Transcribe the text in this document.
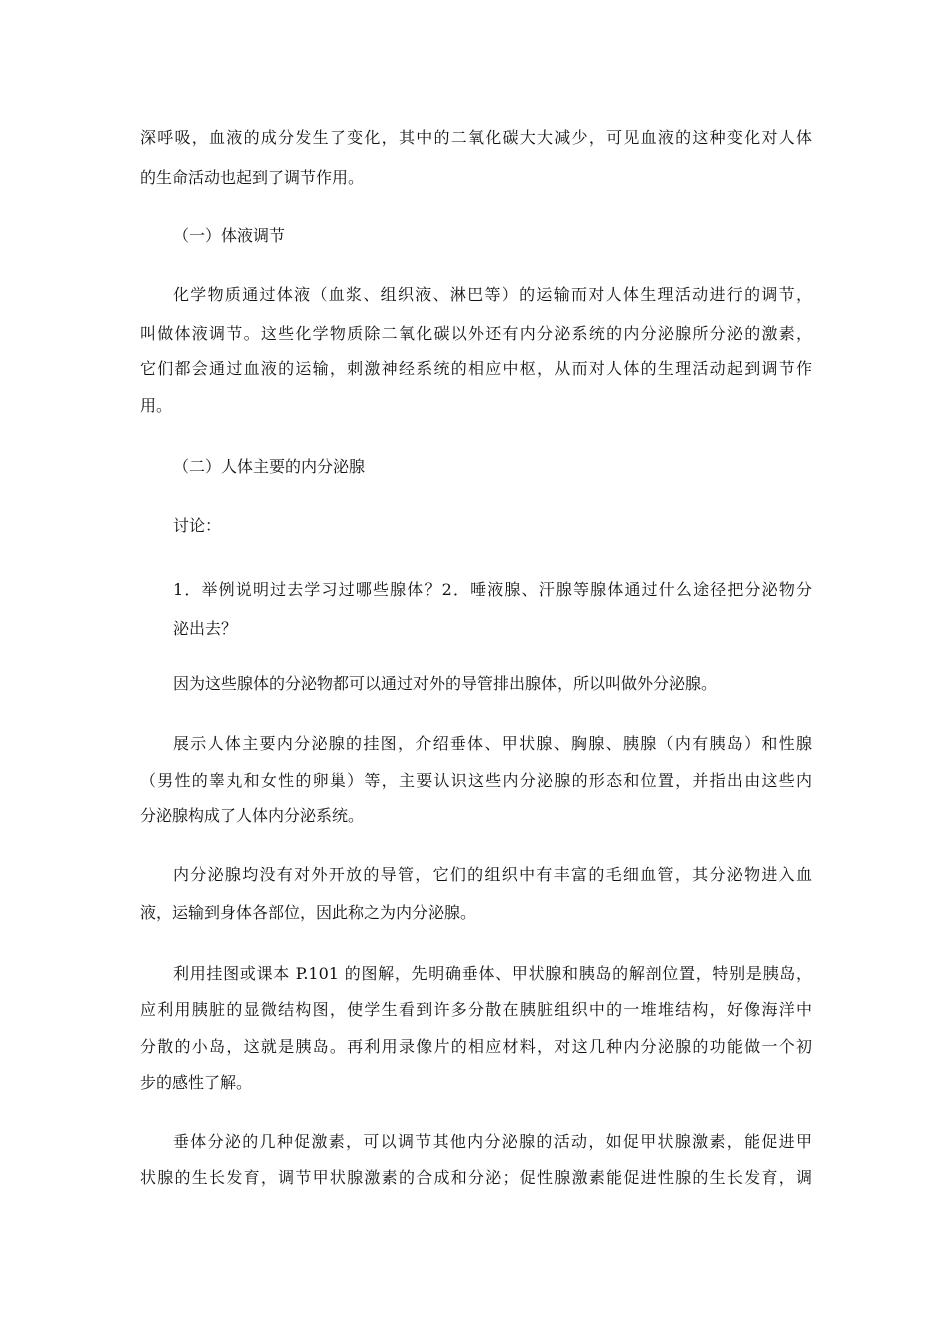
深呼吸，血液的成分发生了变化，其中的二氧化碳大大减少，可见血液的这种变化对人体
的生命活动也起到了调节作用。
（一）体液调节
化学物质通过体液（血浆、组织液、淋巴等）的运输而对人体生理活动进行的调节，
叫做体液调节。这些化学物质除二氧化碳以外还有内分泌系统的内分泌腺所分泌的激素，
它们都会通过血液的运输，刺激神经系统的相应中枢，从而对人体的生理活动起到调节作
用。
（二）人体主要的内分泌腺
讨论：
1．举例说明过去学习过哪些腺体？2．唾液腺、汗腺等腺体通过什么途径把分泌物分
泌出去？
因为这些腺体的分泌物都可以通过对外的导管排出腺体，所以叫做外分泌腺。
展示人体主要内分泌腺的挂图，介绍垂体、甲状腺、胸腺、胰腺（内有胰岛）和性腺
（男性的睾丸和女性的卵巢）等，主要认识这些内分泌腺的形态和位置，并指出由这些内
分泌腺构成了人体内分泌系统。
内分泌腺均没有对外开放的导管，它们的组织中有丰富的毛细血管，其分泌物进入血
液，运输到身体各部位，因此称之为内分泌腺。
利用挂图或课本 P.101 的图解，先明确垂体、甲状腺和胰岛的解剖位置，特别是胰岛，
应利用胰脏的显微结构图，使学生看到许多分散在胰脏组织中的一堆堆结构，好像海洋中
分散的小岛，这就是胰岛。再利用录像片的相应材料，对这几种内分泌腺的功能做一个初
步的感性了解。
垂体分泌的几种促激素，可以调节其他内分泌腺的活动，如促甲状腺激素，能促进甲
状腺的生长发育，调节甲状腺激素的合成和分泌；促性腺激素能促进性腺的生长发育，调
